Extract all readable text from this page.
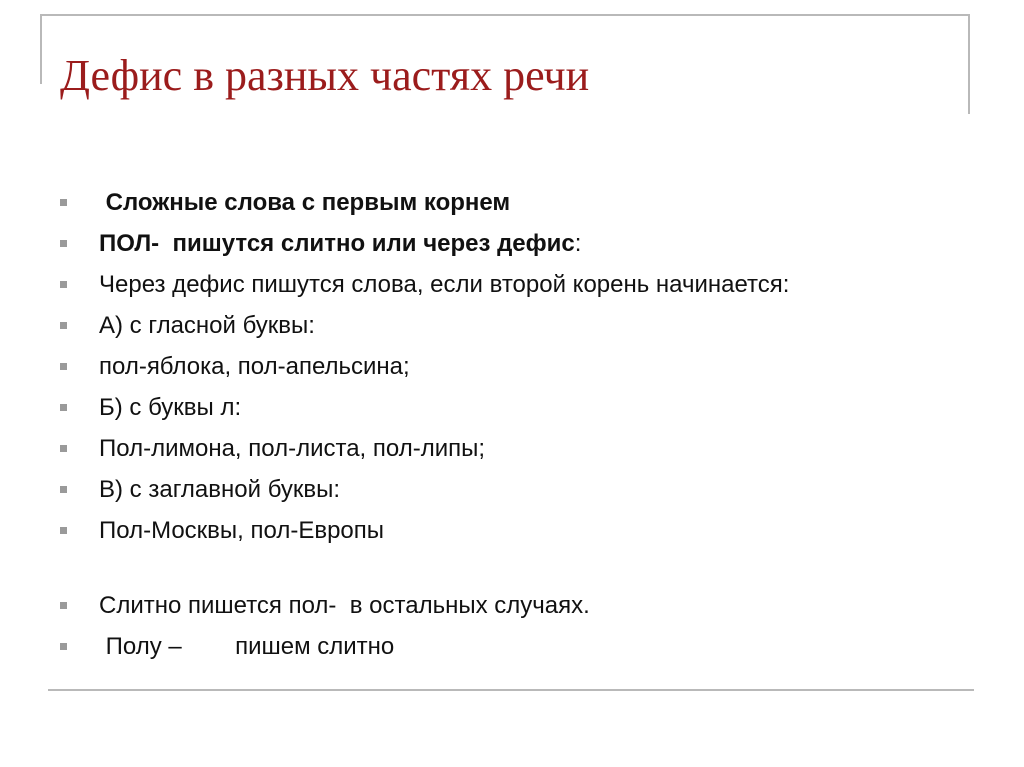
Дефис в разных частях речи
Сложные слова с первым корнем
ПОЛ-  пишутся слитно или через дефис :
Через дефис пишутся слова, если второй корень начинается:
А) с гласной буквы:
пол-яблока, пол-апельсина;
Б) с буквы л:
Пол-лимона, пол-листа, пол-липы;
В) с заглавной буквы:
Пол-Москвы, пол-Европы
Слитно пишется пол-  в остальных случаях.
Полу –        пишем слитно
